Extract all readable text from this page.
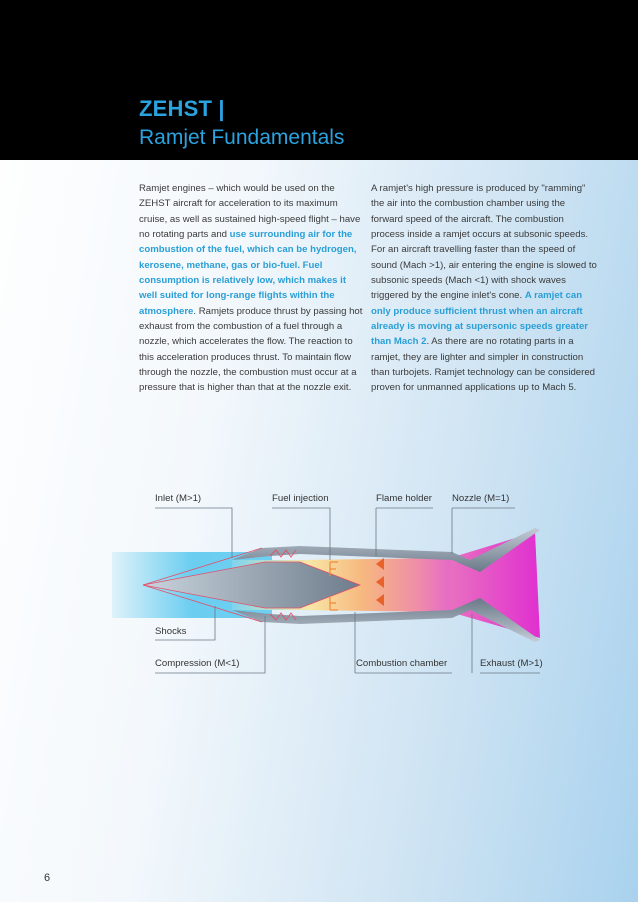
ZEHST |
Ramjet Fundamentals
Ramjet engines – which would be used on the ZEHST aircraft for acceleration to its maximum cruise, as well as sustained high-speed flight – have no rotating parts and use surrounding air for the combustion of the fuel, which can be hydrogen, kerosene, methane, gas or bio-fuel. Fuel consumption is relatively low, which makes it well suited for long-range flights within the atmosphere. Ramjets produce thrust by passing hot exhaust from the combustion of a fuel through a nozzle, which accelerates the flow. The reaction to this acceleration produces thrust. To maintain flow through the nozzle, the combustion must occur at a pressure that is higher than that at the nozzle exit.
A ramjet's high pressure is produced by "ramming" the air into the combustion chamber using the forward speed of the aircraft. The combustion process inside a ramjet occurs at subsonic speeds. For an aircraft travelling faster than the speed of sound (Mach >1), air entering the engine is slowed to subsonic speeds (Mach <1) with shock waves triggered by the engine inlet's cone. A ramjet can only produce sufficient thrust when an aircraft already is moving at supersonic speeds greater than Mach 2. As there are no rotating parts in a ramjet, they are lighter and simpler in construction than turbojets. Ramjet technology can be considered proven for unmanned applications up to Mach 5.
Inlet (M>1)	Fuel injection	Flame holder Nozzle (M=1)
Shocks
Compression (M<1)	Combustion chamber	Exhaust (M>1)
6
